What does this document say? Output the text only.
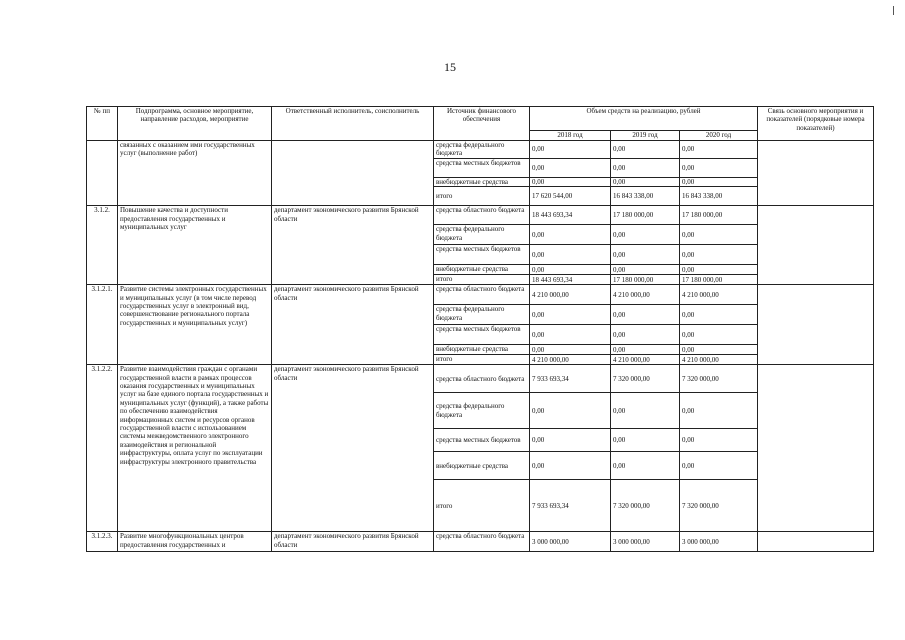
15
№ пп	Подпрограмма, основное мероприятие, направление расходов, мероприятие	Ответственный исполнитель, соисполнитель	Источник финансового обеспечения	Объем средств на реализацию, рублей			Связь основного мероприятия и показателей (порядковые номера показателей)
				2018 год	2019 год	2020 год	
	связанных с оказанием ими государственных услуг (выполнение работ)		средства федерального бюджета	0,00	0,00	0,00	
			средства местных бюджетов	0,00	0,00	0,00	
			внебюджетные средства	0,00	0,00	0,00	
			итого	17 620 544,00	16 843 338,00	16 843 338,00	
3.1.2.	Повышение качества и доступности предоставления государственных и муниципальных услуг	департамент экономического развития Брянской области	средства областного бюджета	18 443 693,34	17 180 000,00	17 180 000,00	
			средства федерального бюджета	0,00	0,00	0,00	
			средства местных бюджетов	0,00	0,00	0,00	
			внебюджетные средства	0,00	0,00	0,00	
			итого	18 443 693,34	17 180 000,00	17 180 000,00	
3.1.2.1.	Развитие системы электронных государственных и муниципальных услуг (в том числе перевод государственных услуг в электронный вид, совершенствование регионального портала государственных и муниципальных услуг)	департамент экономического развития Брянской области	средства областного бюджета	4 210 000,00	4 210 000,00	4 210 000,00	
			средства федерального бюджета	0,00	0,00	0,00	
			средства местных бюджетов	0,00	0,00	0,00	
			внебюджетные средства	0,00	0,00	0,00	
			итого	4 210 000,00	4 210 000,00	4 210 000,00	
3.1.2.2.	Развитие взаимодействия граждан с органами государственной власти в рамках процессов оказания государственных и муниципальных услуг на базе единого портала государственных и муниципальных услуг (функций), а также работы по обеспечению взаимодействия информационных систем и ресурсов органов государственной власти с использованием системы межведомственного электронного взаимодействия и региональной инфраструктуры, оплата услуг по эксплуатации инфраструктуры электронного правительства	департамент экономического развития Брянской области	средства областного бюджета	7 933 693,34	7 320 000,00	7 320 000,00	
			средства федерального бюджета	0,00	0,00	0,00	
			средства местных бюджетов	0,00	0,00	0,00	
			внебюджетные средства	0,00	0,00	0,00	
			итого	7 933 693,34	7 320 000,00	7 320 000,00	
3.1.2.3.	Развитие многофункциональных центров предоставления государственных и	департамент экономического развития Брянской области	средства областного бюджета	3 000 000,00	3 000 000,00	3 000 000,00	
